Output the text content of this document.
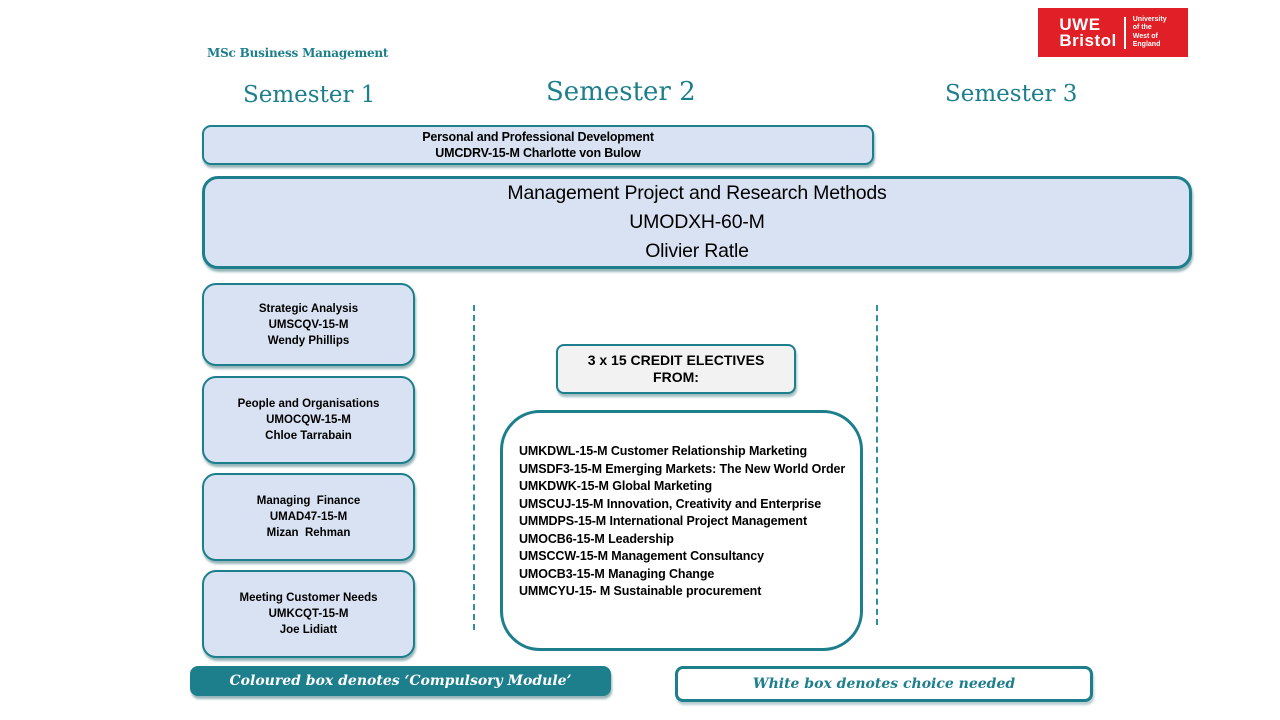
MSc Business Management
Semester 1	Semester 2	Semester 3
UWE
Bristol
University
of the
West of
England
Personal and Professional Development
UMCDRV-15-M Charlotte von Bulow
Management Project and Research Methods
UMODXH-60-M
Olivier Ratle
Strategic Analysis
UMSCQV-15-M
Wendy Phillips
People and Organisations
UMOCQW-15-M
Chloe Tarrabain
Managing  Finance
UMAD47-15-M
Mizan  Rehman
Meeting Customer Needs
UMKCQT-15-M
Joe Lidiatt
3 x 15 CREDIT ELECTIVES FROM:
UMKDWL-15-M Customer Relationship Marketing
UMSDF3-15-M Emerging Markets: The New World Order
UMKDWK-15-M Global Marketing
UMSCUJ-15-M Innovation, Creativity and Enterprise
UMMDPS-15-M International Project Management
UMOCB6-15-M Leadership
UMSCCW-15-M Management Consultancy
UMOCB3-15-M Managing Change
UMMCYU-15- M Sustainable procurement
Coloured box denotes ‘Compulsory Module’	White box denotes choice needed
